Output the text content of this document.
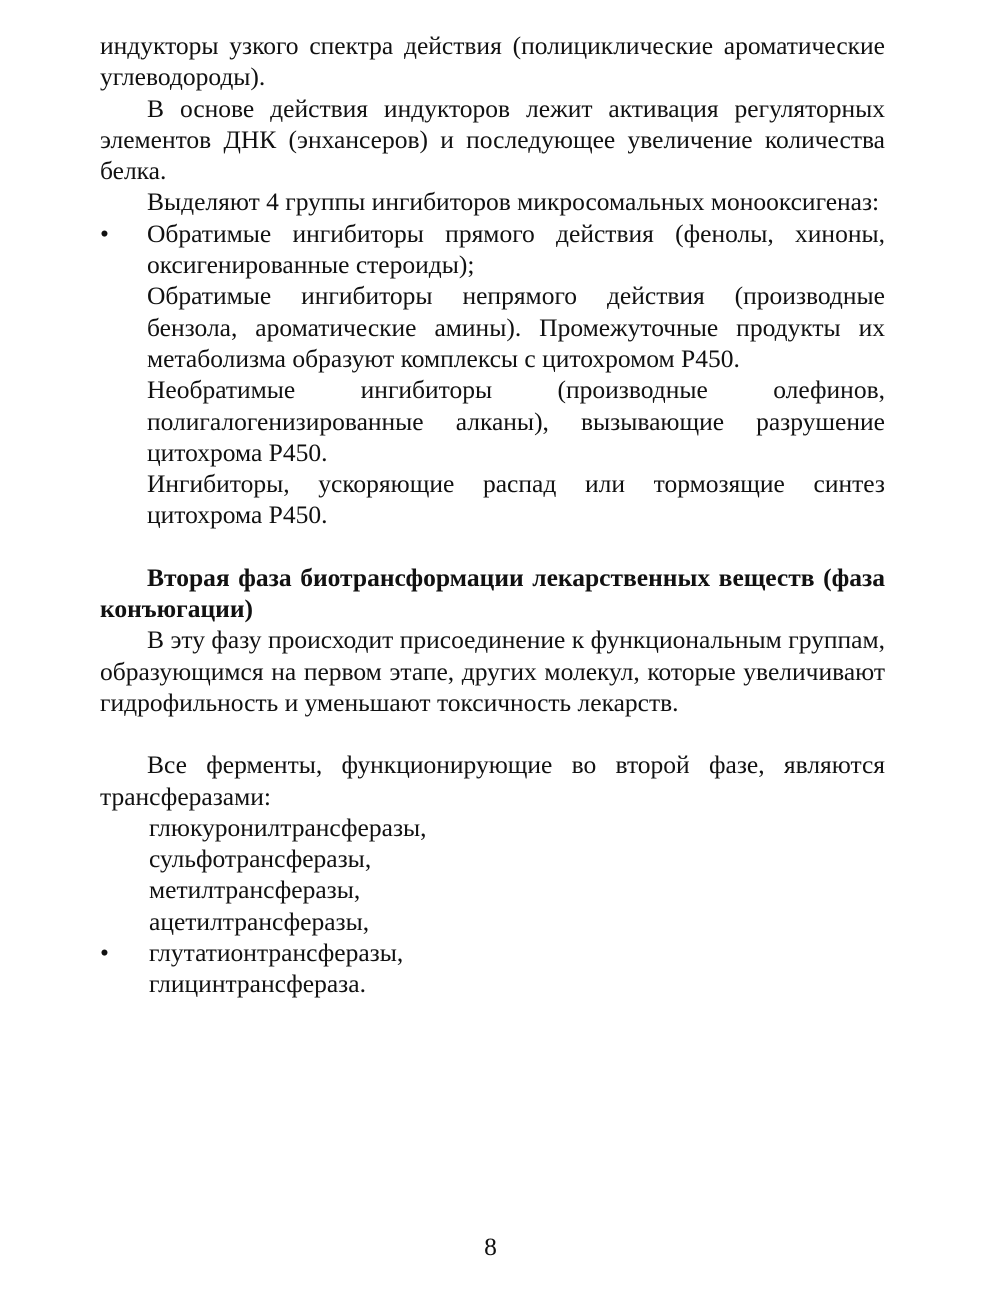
индукторы узкого спектра действия (полициклические ароматические углеводороды).

В основе действия индукторов лежит активация регуляторных элементов ДНК (энхансеров) и последующее увеличение количества белка.

Выделяют 4 группы ингибиторов микросомальных монооксигеназ:

•	Обратимые ингибиторы прямого действия (фенолы, хиноны, оксигенированные стероиды);
Обратимые ингибиторы непрямого действия (производные бензола, ароматические амины). Промежуточные продукты их метаболизма образуют комплексы с цитохромом Р450.
Необратимые ингибиторы (производные олефинов, полигалогенизированные алканы), вызывающие разрушение цитохрома Р450.
Ингибиторы, ускоряющие распад или тормозящие синтез цитохрома Р450.

Вторая фаза биотрансформации лекарственных веществ (фаза конъюгации)

В эту фазу происходит присоединение к функциональным группам, образующимся на первом этапе, других молекул, которые увеличивают гидрофильность и уменьшают токсичность лекарств.

Все ферменты, функционирующие во второй фазе, являются трансферазами:

глюкуронилтрансферазы,
сульфотрансферазы,
метилтрансферазы,
ацетилтрансферазы,
•	глутатионтрансферазы,
глицинтрансфераза.
8
